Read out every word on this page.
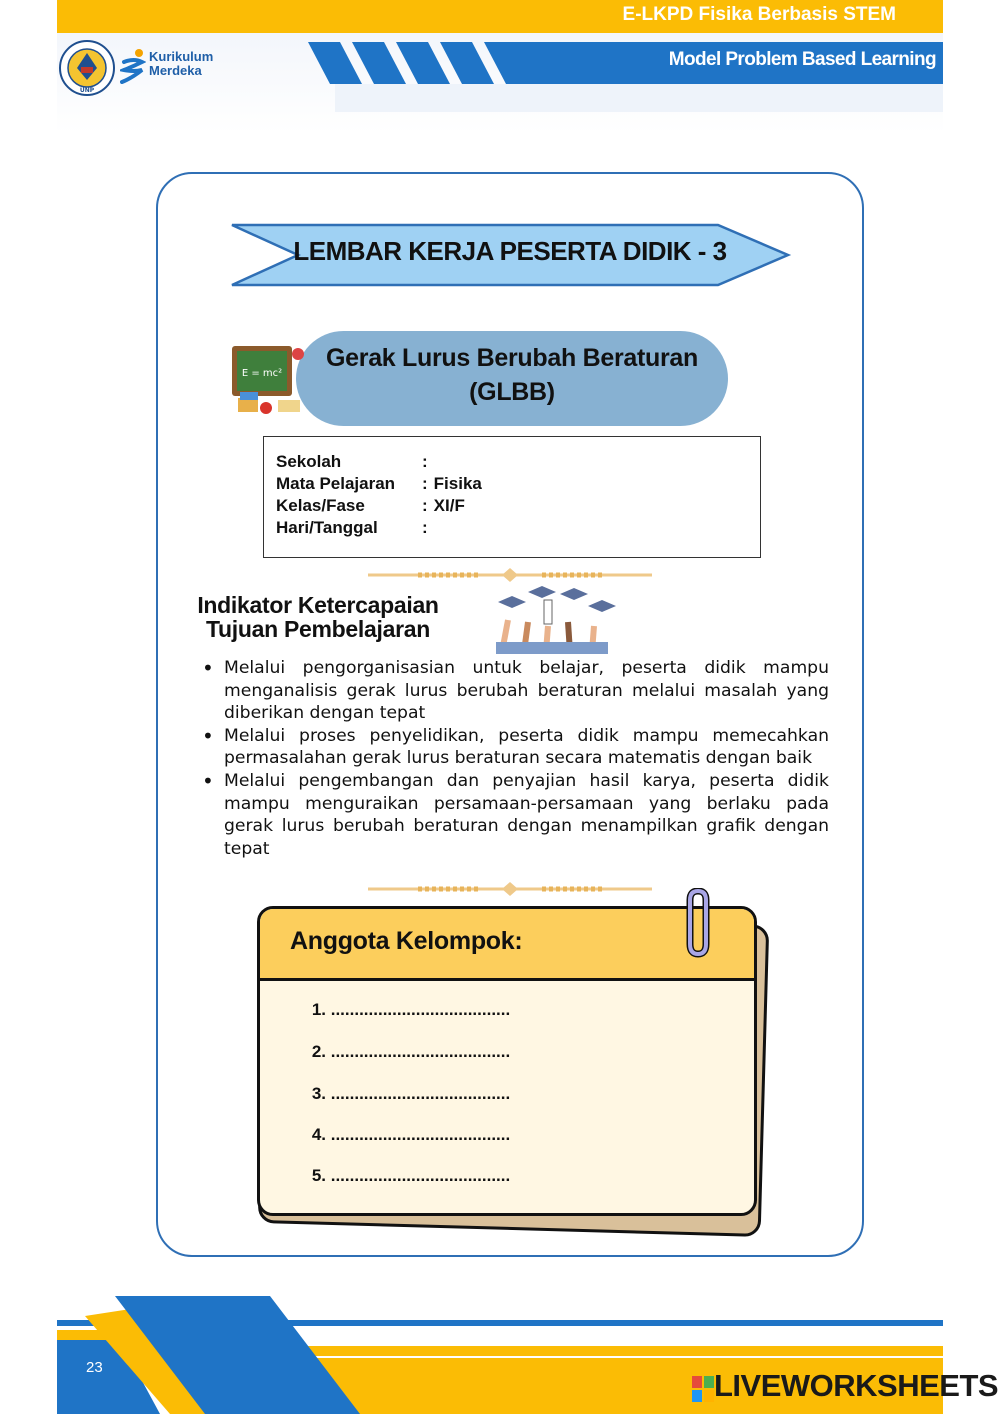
E-LKPD Fisika Berbasis STEM
Model Problem Based Learning
UNP
Kurikulum
Merdeka
LEMBAR KERJA PESERTA DIDIK - 3
Gerak Lurus Berubah Beraturan
(GLBB)
E = mc²
Sekolah	:
Mata Pelajaran : Fisika
Kelas/Fase	: XI/F
Hari/Tanggal	:
Indikator Ketercapaian
Tujuan Pembelajaran
• Melalui pengorganisasian untuk belajar, peserta didik mampu menganalisis gerak lurus berubah beraturan melalui masalah yang diberikan dengan tepat
• Melalui proses penyelidikan, peserta didik mampu memecahkan permasalahan gerak lurus beraturan secara matematis dengan baik
• Melalui pengembangan dan penyajian hasil karya, peserta didik mampu menguraikan persamaan-persamaan yang berlaku pada gerak lurus berubah beraturan dengan menampilkan grafik dengan tepat
Anggota Kelompok:
1. ......................................
2. ......................................
3. ......................................
4. ......................................
5. ......................................
23
LIVEWORKSHEETS
